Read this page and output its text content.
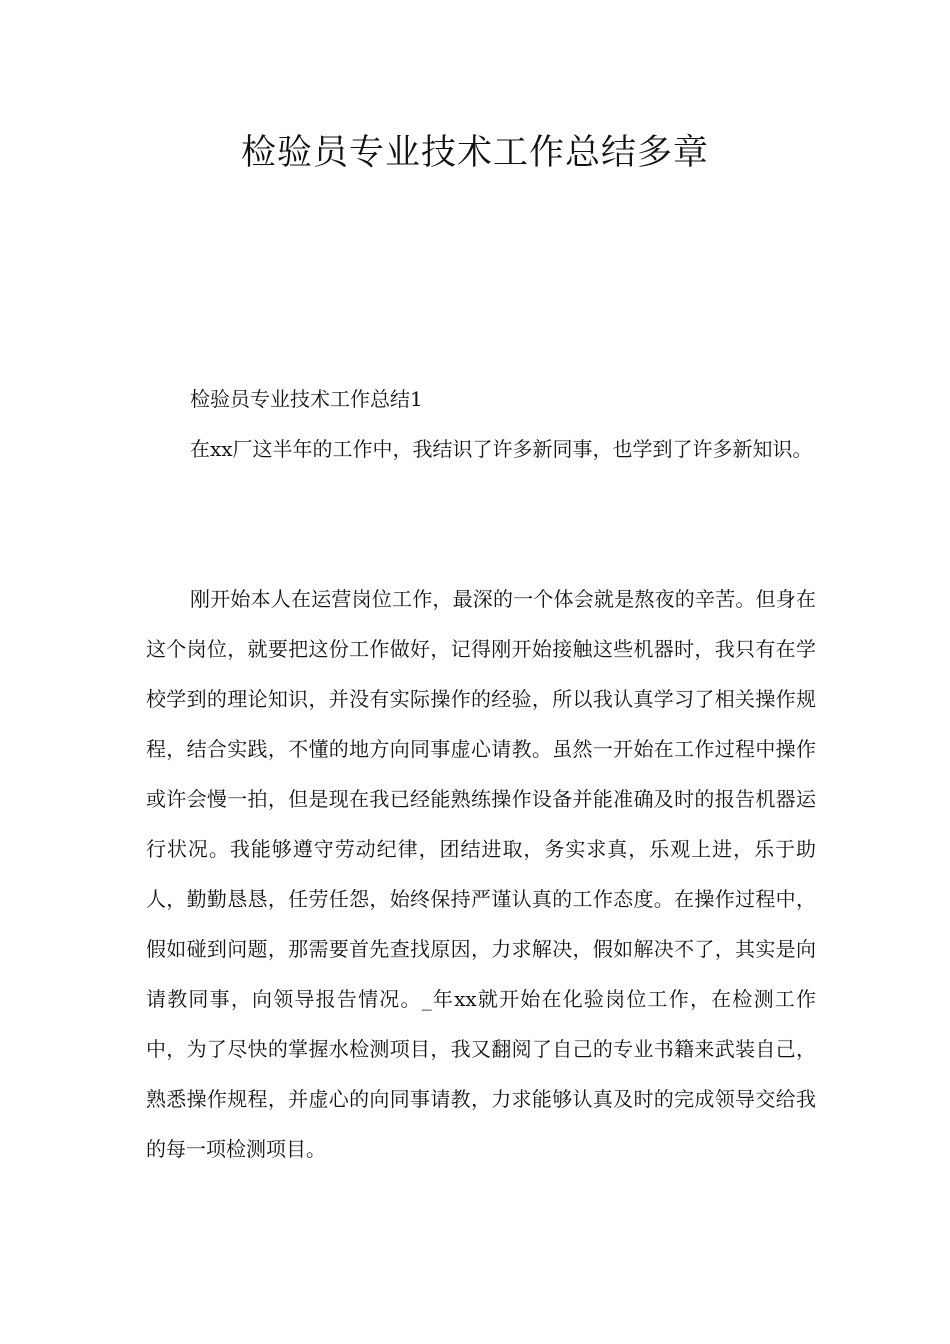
检验员专业技术工作总结多章

检验员专业技术工作总结1

在xx厂这半年的工作中，我结识了许多新同事，也学到了许多新知识。

刚开始本人在运营岗位工作，最深的一个体会就是熬夜的辛苦。但身在这个岗位，就要把这份工作做好，记得刚开始接触这些机器时，我只有在学校学到的理论知识，并没有实际操作的经验，所以我认真学习了相关操作规程，结合实践，不懂的地方向同事虚心请教。虽然一开始在工作过程中操作或许会慢一拍，但是现在我已经能熟练操作设备并能准确及时的报告机器运行状况。我能够遵守劳动纪律，团结进取，务实求真，乐观上进，乐于助人，勤勤恳恳，任劳任怨，始终保持严谨认真的工作态度。在操作过程中，假如碰到问题，那需要首先查找原因，力求解决，假如解决不了，其实是向请教同事，向领导报告情况。_年xx就开始在化验岗位工作，在检测工作中，为了尽快的掌握水检测项目，我又翻阅了自己的专业书籍来武装自己，熟悉操作规程，并虚心的向同事请教，力求能够认真及时的完成领导交给我的每一项检测项目。
